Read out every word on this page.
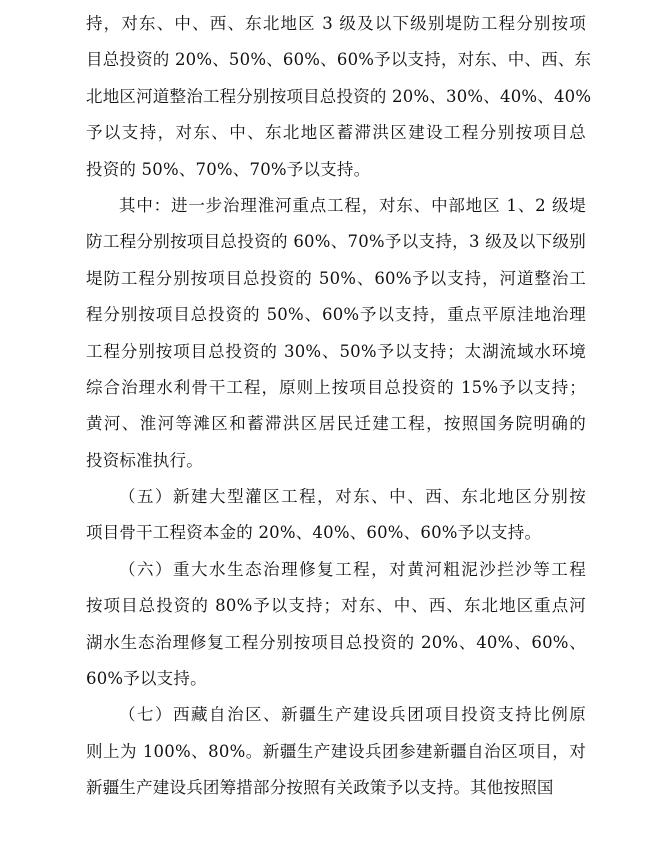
持，对东、中、西、东北地区 3 级及以下级别堤防工程分别按项
目总投资的 20%、50%、60%、60%予以支持，对东、中、西、东
北地区河道整治工程分别按项目总投资的 20%、30%、40%、40%
予以支持，对东、中、东北地区蓄滞洪区建设工程分别按项目总
投资的 50%、70%、70%予以支持。
其中：进一步治理淮河重点工程，对东、中部地区 1、2 级堤
防工程分别按项目总投资的 60%、70%予以支持，3 级及以下级别
堤防工程分别按项目总投资的 50%、60%予以支持，河道整治工
程分别按项目总投资的 50%、60%予以支持，重点平原洼地治理
工程分别按项目总投资的 30%、50%予以支持；太湖流域水环境
综合治理水利骨干工程，原则上按项目总投资的 15%予以支持；
黄河、淮河等滩区和蓄滞洪区居民迁建工程，按照国务院明确的
投资标准执行。
（五）新建大型灌区工程，对东、中、西、东北地区分别按
项目骨干工程资本金的 20%、40%、60%、60%予以支持。
（六）重大水生态治理修复工程，对黄河粗泥沙拦沙等工程
按项目总投资的 80%予以支持；对东、中、西、东北地区重点河
湖水生态治理修复工程分别按项目总投资的 20%、40%、60%、
60%予以支持。
（七）西藏自治区、新疆生产建设兵团项目投资支持比例原
则上为 100%、80%。新疆生产建设兵团参建新疆自治区项目，对
新疆生产建设兵团筹措部分按照有关政策予以支持。其他按照国
